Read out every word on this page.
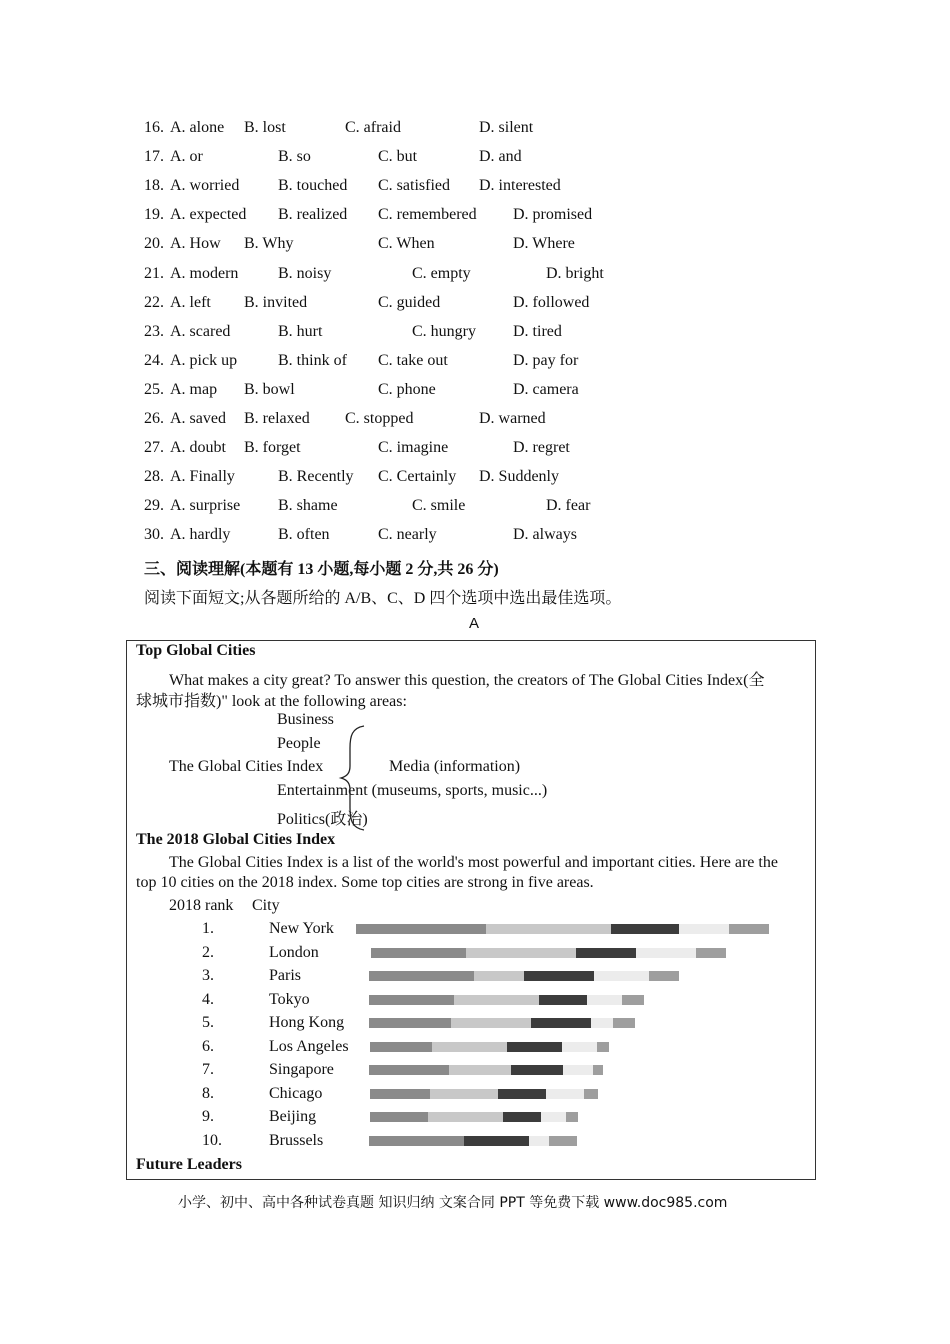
16. A. alone B. lost	C. afraid	D. silent
17. A. or	B. so	C. but	D. and
18. A. worried B. touched C. satisfied D. interested
19. A. expected B. realized C. remembered D. promised
20. A. How B. Why	C. When	D. Where
21. A. modern B. noisy	C. empty	D. bright
22. A. left B. invited	C. guided	D. followed
23. A. scared	B. hurt	C. hungry D. tired
24. A. pick up	B. think of C. take out	D. pay for
25. A. map B. bowl	C. phone	D. camera
26. A. saved B. relaxed C. stopped	D. warned
27. A. doubt B. forget	C. imagine	D. regret
28. A. Finally	B. Recently C. Certainly D. Suddenly
29. A. surprise B. shame	C. smile	D. fear
30. A. hardly	B. often	C. nearly	D. always
三、阅读理解(本题有 13 小题,每小题 2 分,共 26 分)
阅读下面短文;从各题所给的 A/B、C、D 四个选项中选出最佳选项。
A
Top Global Cities
What makes a city great? To answer this question, the creators of The Global Cities Index(全
球城市指数)" look at the following areas:
Business
People
The Global Cities Index	Media (information)
Entertainment (museums, sports, music...)
Politics(政治)
The 2018 Global Cities Index
The Global Cities Index is a list of the world's most powerful and important cities. Here are the
top 10 cities on the 2018 index. Some top cities are strong in five areas.
2018 rank City
1.	New York
2.	London
3.	Paris
4.	Tokyo
5.	Hong Kong
6.	Los Angeles
7.	Singapore
8.	Chicago
9.	Beijing
10.	Brussels
Future Leaders
小学、初中、高中各种试卷真题 知识归纳 文案合同 PPT 等免费下载 www.doc985.com
